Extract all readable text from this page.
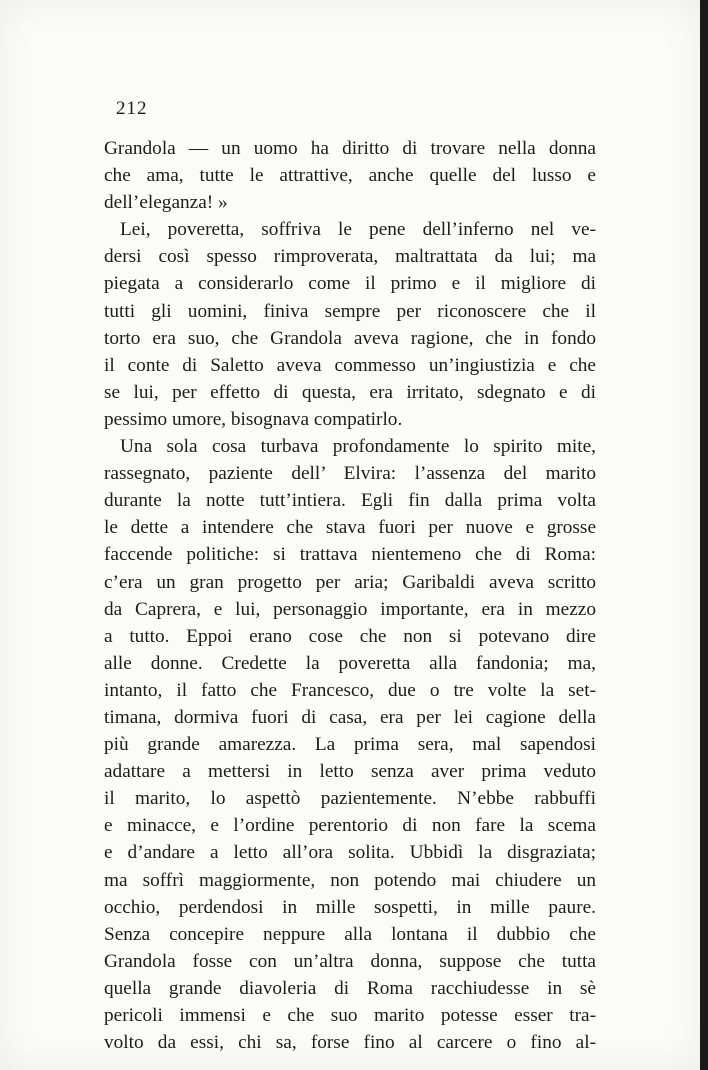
212
Grandola — un uomo ha diritto di trovare nella donna
che ama, tutte le attrattive, anche quelle del lusso e
dell’eleganza! »
Lei, poveretta, soffriva le pene dell’inferno nel ve-
dersi così spesso rimproverata, maltrattata da lui; ma
piegata a considerarlo come il primo e il migliore di
tutti gli uomini, finiva sempre per riconoscere che il
torto era suo, che Grandola aveva ragione, che in fondo
il conte di Saletto aveva commesso un’ingiustizia e che
se lui, per effetto di questa, era irritato, sdegnato e di
pessimo umore, bisognava compatirlo.
Una sola cosa turbava profondamente lo spirito mite,
rassegnato, paziente dell’ Elvira: l’assenza del marito
durante la notte tutt’intiera. Egli fin dalla prima volta
le dette a intendere che stava fuori per nuove e grosse
faccende politiche: si trattava nientemeno che di Roma:
c’era un gran progetto per aria; Garibaldi aveva scritto
da Caprera, e lui, personaggio importante, era in mezzo
a tutto. Eppoi erano cose che non si potevano dire
alle donne. Credette la poveretta alla fandonia; ma,
intanto, il fatto che Francesco, due o tre volte la set-
timana, dormiva fuori di casa, era per lei cagione della
più grande amarezza. La prima sera, mal sapendosi
adattare a mettersi in letto senza aver prima veduto
il marito, lo aspettò pazientemente. N’ebbe rabbuffi
e minacce, e l’ordine perentorio di non fare la scema
e d’andare a letto all’ora solita. Ubbidì la disgraziata;
ma soffrì maggiormente, non potendo mai chiudere un
occhio, perdendosi in mille sospetti, in mille paure.
Senza concepire neppure alla lontana il dubbio che
Grandola fosse con un’altra donna, suppose che tutta
quella grande diavoleria di Roma racchiudesse in sè
pericoli immensi e che suo marito potesse esser tra-
volto da essi, chi sa, forse fino al carcere o fino al-
